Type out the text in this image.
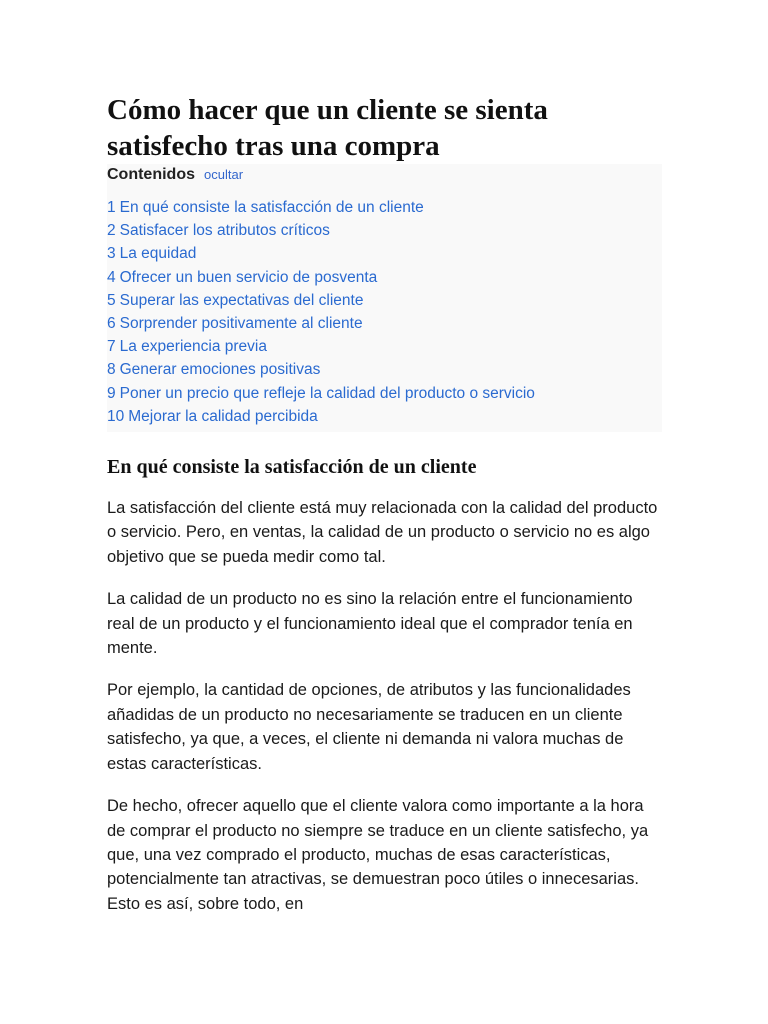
Cómo hacer que un cliente se sienta satisfecho tras una compra
Contenidos ocultar
1 En qué consiste la satisfacción de un cliente
2 Satisfacer los atributos críticos
3 La equidad
4 Ofrecer un buen servicio de posventa
5 Superar las expectativas del cliente
6 Sorprender positivamente al cliente
7 La experiencia previa
8 Generar emociones positivas
9 Poner un precio que refleje la calidad del producto o servicio
10 Mejorar la calidad percibida
En qué consiste la satisfacción de un cliente

La satisfacción del cliente está muy relacionada con la calidad del producto o servicio. Pero, en ventas, la calidad de un producto o servicio no es algo objetivo que se pueda medir como tal.

La calidad de un producto no es sino la relación entre el funcionamiento real de un producto y el funcionamiento ideal que el comprador tenía en mente.

Por ejemplo, la cantidad de opciones, de atributos y las funcionalidades añadidas de un producto no necesariamente se traducen en un cliente satisfecho, ya que, a veces, el cliente ni demanda ni valora muchas de estas características.

De hecho, ofrecer aquello que el cliente valora como importante a la hora de comprar el producto no siempre se traduce en un cliente satisfecho, ya que, una vez comprado el producto, muchas de esas características, potencialmente tan atractivas, se demuestran poco útiles o innecesarias. Esto es así, sobre todo, en
